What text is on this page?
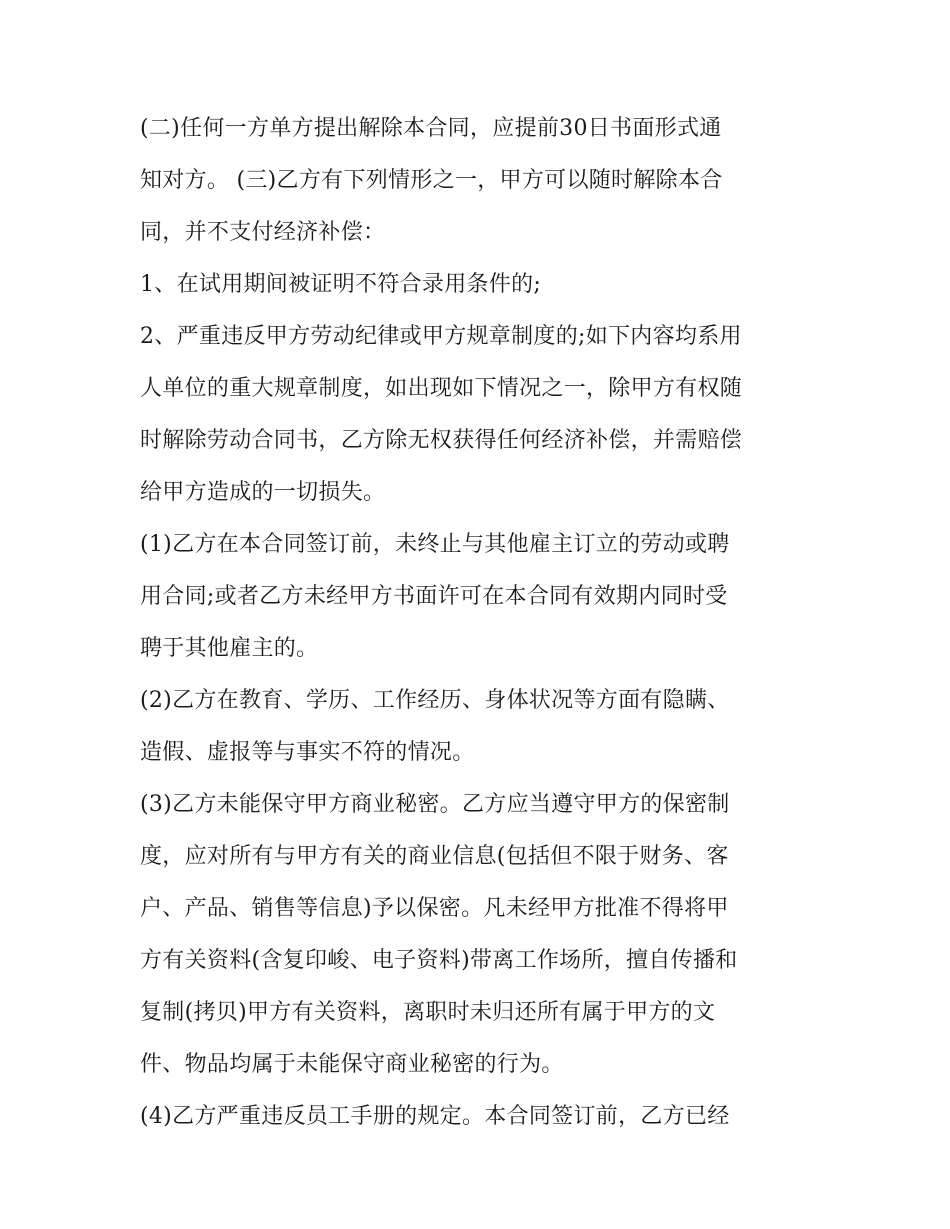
(二)任何一方单方提出解除本合同，应提前30日书面形式通
知对方。 (三)乙方有下列情形之一，甲方可以随时解除本合
同，并不支付经济补偿：
1、在试用期间被证明不符合录用条件的;
2、严重违反甲方劳动纪律或甲方规章制度的;如下内容均系用
人单位的重大规章制度，如出现如下情况之一，除甲方有权随
时解除劳动合同书，乙方除无权获得任何经济补偿，并需赔偿
给甲方造成的一切损失。
(1)乙方在本合同签订前，未终止与其他雇主订立的劳动或聘
用合同;或者乙方未经甲方书面许可在本合同有效期内同时受
聘于其他雇主的。
(2)乙方在教育、学历、工作经历、身体状况等方面有隐瞒、
造假、虚报等与事实不符的情况。
(3)乙方未能保守甲方商业秘密。乙方应当遵守甲方的保密制
度，应对所有与甲方有关的商业信息(包括但不限于财务、客
户、产品、销售等信息)予以保密。凡未经甲方批准不得将甲
方有关资料(含复印峻、电子资料)带离工作场所，擅自传播和
复制(拷贝)甲方有关资料，离职时未归还所有属于甲方的文
件、物品均属于未能保守商业秘密的行为。
(4)乙方严重违反员工手册的规定。本合同签订前，乙方已经
